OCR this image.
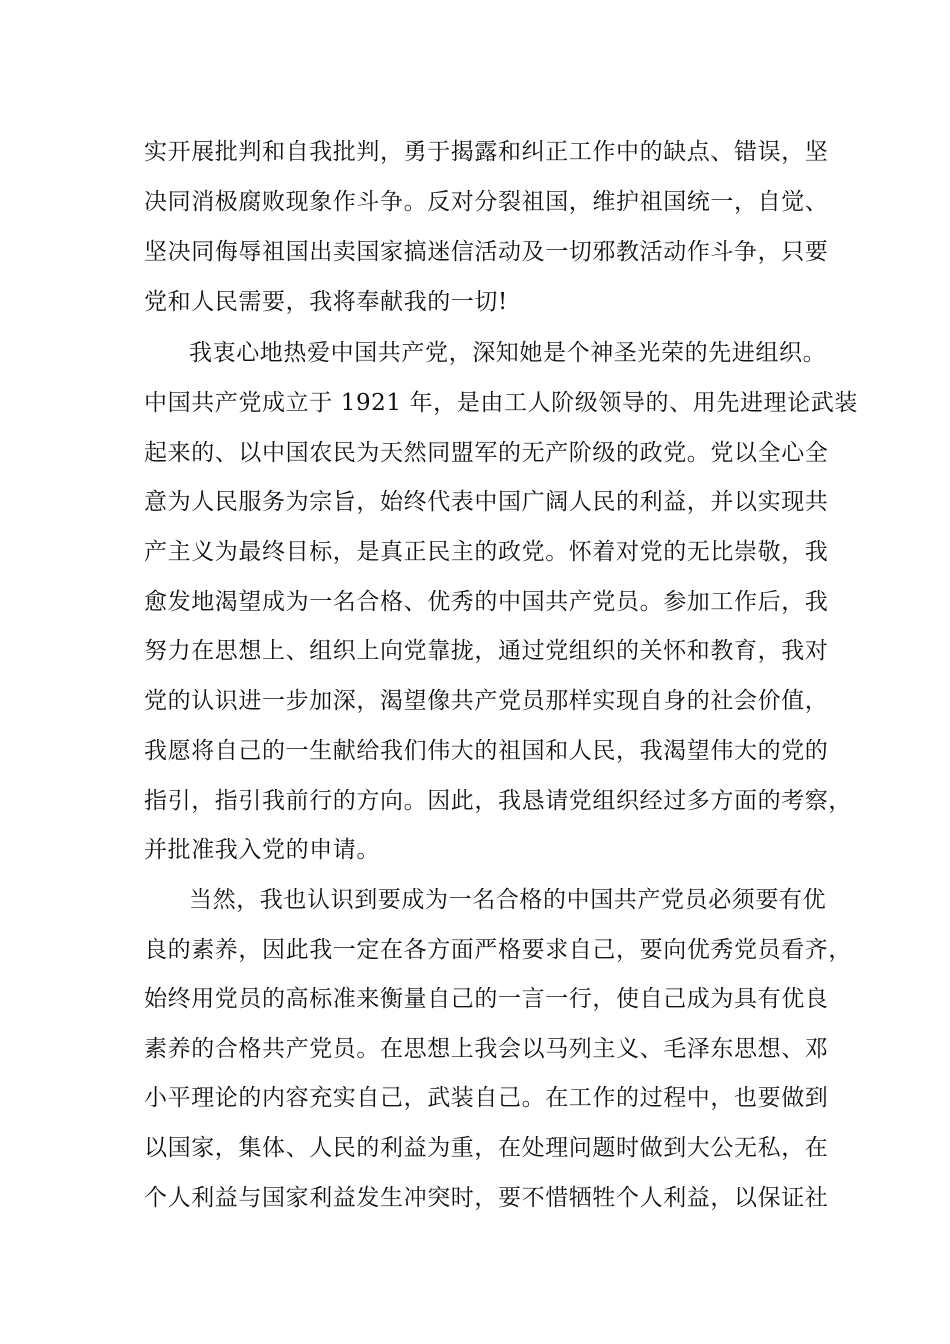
实开展批判和自我批判，勇于揭露和纠正工作中的缺点、错误，坚
决同消极腐败现象作斗争。反对分裂祖国，维护祖国统一，自觉、
坚决同侮辱祖国出卖国家搞迷信活动及一切邪教活动作斗争，只要
党和人民需要，我将奉献我的一切!
我衷心地热爱中国共产党，深知她是个神圣光荣的先进组织。
中国共产党成立于 1921 年，是由工人阶级领导的、用先进理论武装
起来的、以中国农民为天然同盟军的无产阶级的政党。党以全心全
意为人民服务为宗旨，始终代表中国广阔人民的利益，并以实现共
产主义为最终目标，是真正民主的政党。怀着对党的无比崇敬，我
愈发地渴望成为一名合格、优秀的中国共产党员。参加工作后，我
努力在思想上、组织上向党靠拢，通过党组织的关怀和教育，我对
党的认识进一步加深，渴望像共产党员那样实现自身的社会价值，
我愿将自己的一生献给我们伟大的祖国和人民，我渴望伟大的党的
指引，指引我前行的方向。因此，我恳请党组织经过多方面的考察，
并批准我入党的申请。
当然，我也认识到要成为一名合格的中国共产党员必须要有优
良的素养，因此我一定在各方面严格要求自己，要向优秀党员看齐，
始终用党员的高标准来衡量自己的一言一行，使自己成为具有优良
素养的合格共产党员。在思想上我会以马列主义、毛泽东思想、邓
小平理论的内容充实自己，武装自己。在工作的过程中，也要做到
以国家，集体、人民的利益为重，在处理问题时做到大公无私，在
个人利益与国家利益发生冲突时，要不惜牺牲个人利益，以保证社
